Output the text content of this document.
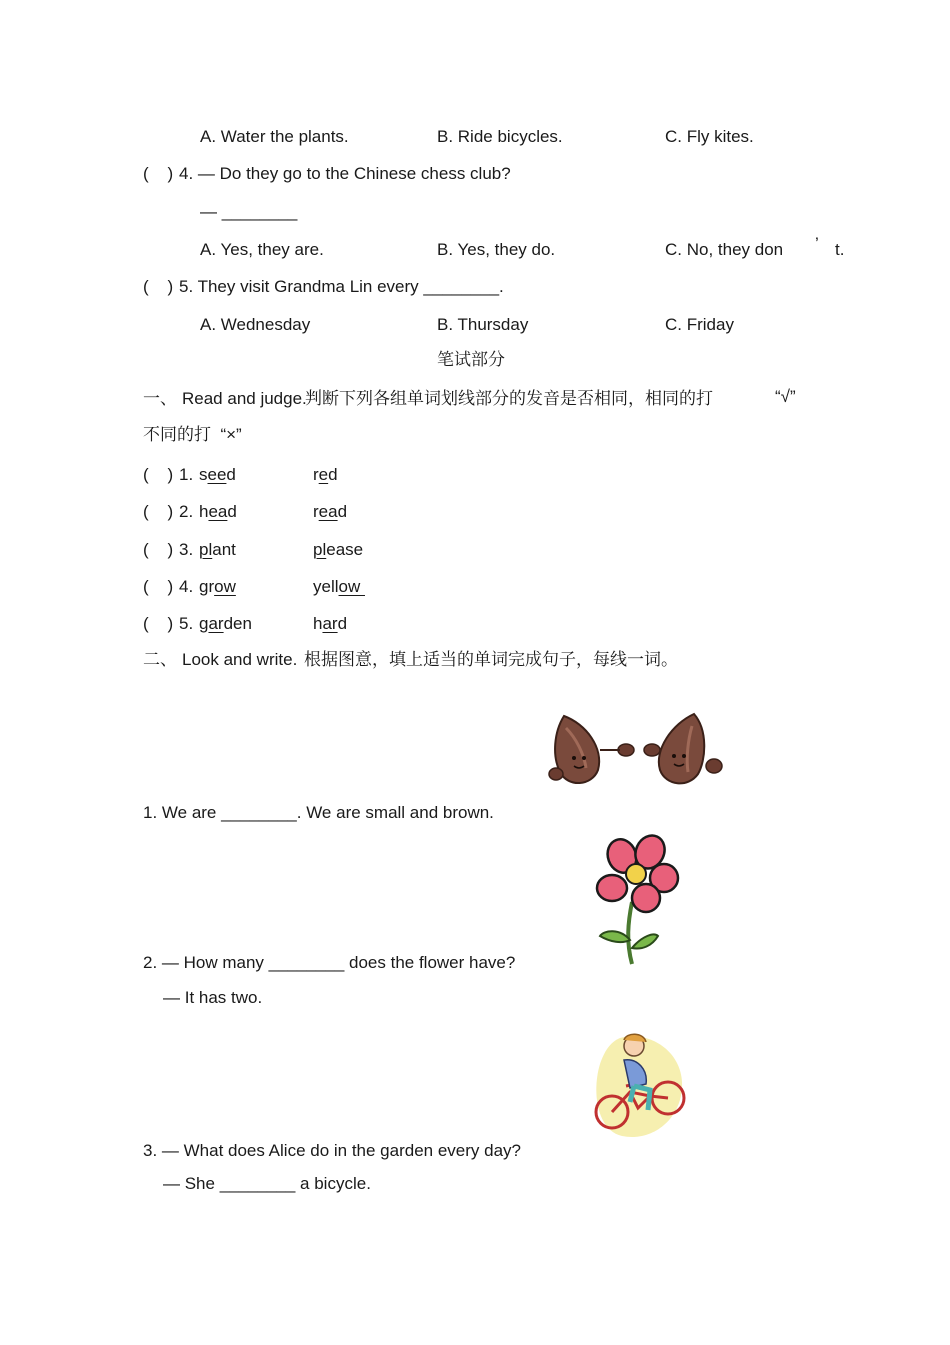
A. Water the plants.	B. Ride bicycles.	C. Fly kites.
(    ) 4. — Do they go to the Chinese chess club?
— ________
A. Yes, they are.	B. Yes, they do.	C. No, they don ’ t.
(    ) 5. They visit Grandma Lin every ________.
A. Wednesday	B. Thursday	C. Friday
笔试部分
一、 Read and judge.
判断下列各组单词划线部分的发音是否相同，相同的打	“√”
不同的打  “×”
(    ) 1. seed	red
(    ) 2. head	read
(    ) 3. plant	please
(    ) 4. grow	yellow
(    ) 5. garden	hard
二、 Look and write. 根据图意，填上适当的单词完成句子，每线一词。
1. We are ________. We are small and brown.
2. — How many ________ does the flower have?
— It has two.
3. — What does Alice do in the garden every day?
— She ________ a bicycle.
